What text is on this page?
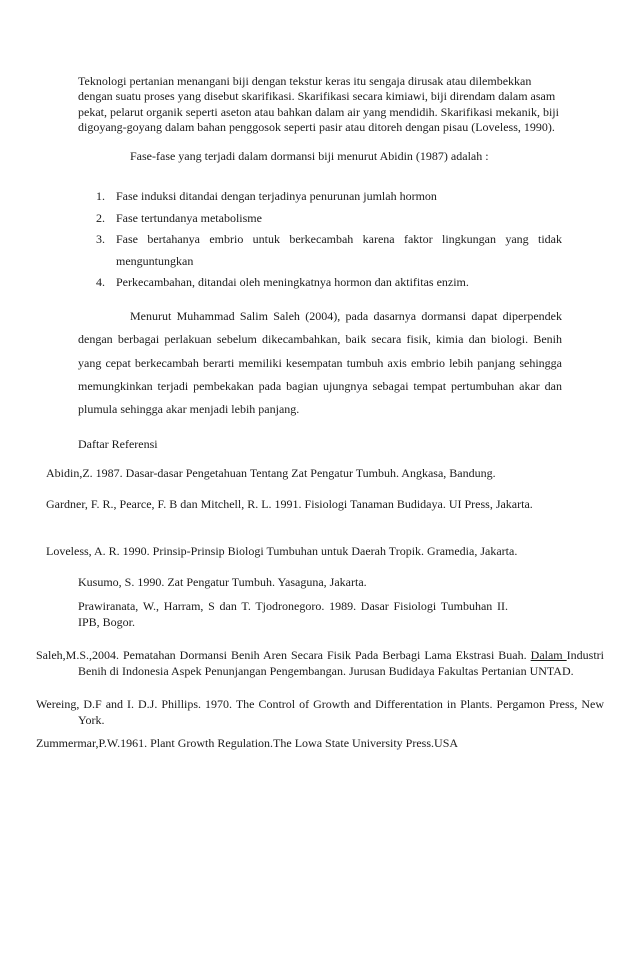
Teknologi pertanian menangani biji dengan tekstur keras itu sengaja dirusak atau dilembekkan dengan suatu proses yang disebut skarifikasi. Skarifikasi secara kimiawi, biji direndam dalam asam pekat, pelarut organik seperti aseton atau bahkan dalam air yang mendidih. Skarifikasi mekanik, biji digoyang-goyang dalam bahan penggosok seperti pasir atau ditoreh dengan pisau (Loveless, 1990).

Fase-fase yang terjadi dalam dormansi biji menurut Abidin (1987) adalah :

1. Fase induksi ditandai dengan terjadinya penurunan jumlah hormon
2. Fase tertundanya metabolisme
3. Fase bertahanya embrio untuk berkecambah karena faktor lingkungan yang tidak menguntungkan
4. Perkecambahan, ditandai oleh meningkatnya hormon dan aktifitas enzim.

Menurut Muhammad Salim Saleh (2004), pada dasarnya dormansi dapat diperpendek dengan berbagai perlakuan sebelum dikecambahkan, baik secara fisik, kimia dan biologi. Benih yang cepat berkecambah berarti memiliki kesempatan tumbuh axis embrio lebih panjang sehingga memungkinkan terjadi pembekakan pada bagian ujungnya sebagai tempat pertumbuhan akar dan plumula sehingga akar menjadi lebih panjang.

Daftar Referensi

Abidin,Z. 1987. Dasar-dasar Pengetahuan Tentang Zat Pengatur Tumbuh. Angkasa, Bandung.

Gardner, F. R., Pearce, F. B dan Mitchell, R. L. 1991. Fisiologi Tanaman Budidaya. UI Press, Jakarta.

Loveless, A. R. 1990. Prinsip-Prinsip Biologi Tumbuhan untuk Daerah Tropik. Gramedia, Jakarta.

Kusumo, S. 1990. Zat Pengatur Tumbuh. Yasaguna, Jakarta.

Prawiranata, W., Harram, S dan T. Tjodronegoro. 1989. Dasar Fisiologi Tumbuhan II. IPB, Bogor.

Saleh,M.S.,2004. Pematahan Dormansi Benih Aren Secara Fisik Pada Berbagi Lama Ekstrasi Buah. Dalam Industri Benih di Indonesia Aspek Penunjangan Pengembangan. Jurusan Budidaya Fakultas Pertanian UNTAD.

Wereing, D.F and I. D.J. Phillips. 1970. The Control of Growth and Differentation in Plants. Pergamon Press, New York.

Zummermar,P.W.1961. Plant Growth Regulation.The Lowa State University Press.USA
